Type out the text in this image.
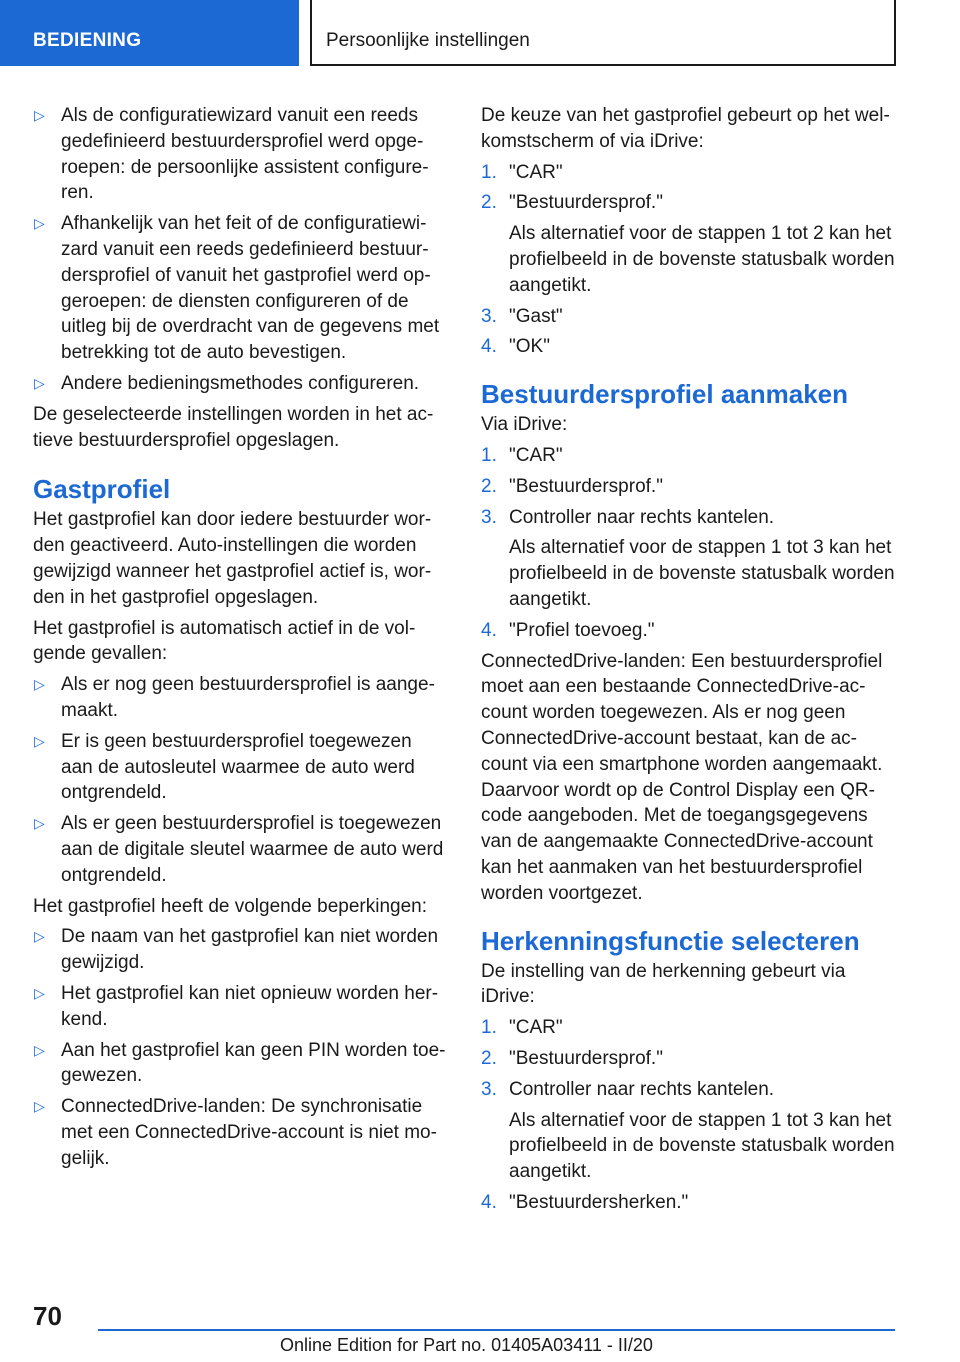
BEDIENING	Persoonlijke instellingen
▷ Als de configuratiewizard vanuit een reeds gedefinieerd bestuurdersprofiel werd opgeroepen: de persoonlijke assistent configureren.
▷ Afhankelijk van het feit of de configuratiewizard vanuit een reeds gedefinieerd bestuurdersprofiel of vanuit het gastprofiel werd opgeroepen: de diensten configureren of de uitleg bij de overdracht van de gegevens met betrekking tot de auto bevestigen.
▷ Andere bedieningsmethodes configureren.

De geselecteerde instellingen worden in het actieve bestuurdersprofiel opgeslagen.

Gastprofiel

Het gastprofiel kan door iedere bestuurder worden geactiveerd. Auto-instellingen die worden gewijzigd wanneer het gastprofiel actief is, worden in het gastprofiel opgeslagen.

Het gastprofiel is automatisch actief in de volgende gevallen:

▷ Als er nog geen bestuurdersprofiel is aangemaakt.
▷ Er is geen bestuurdersprofiel toegewezen aan de autosleutel waarmee de auto werd ontgrendeld.
▷ Als er geen bestuurdersprofiel is toegewezen aan de digitale sleutel waarmee de auto werd ontgrendeld.

Het gastprofiel heeft de volgende beperkingen:

▷ De naam van het gastprofiel kan niet worden gewijzigd.
▷ Het gastprofiel kan niet opnieuw worden herkend.
▷ Aan het gastprofiel kan geen PIN worden toegewezen.
▷ ConnectedDrive-landen: De synchronisatie met een ConnectedDrive-account is niet mogelijk.

De keuze van het gastprofiel gebeurt op het welkomstscherm of via iDrive:

1. "CAR"
2. "Bestuurdersprof."
Als alternatief voor de stappen 1 tot 2 kan het profielbeeld in de bovenste statusbalk worden aangetikt.
3. "Gast"
4. "OK"
Bestuurdersprofiel aanmaken

Via iDrive:

1. "CAR"
2. "Bestuurdersprof."
3. Controller naar rechts kantelen.
Als alternatief voor de stappen 1 tot 3 kan het profielbeeld in de bovenste statusbalk worden aangetikt.
4. "Profiel toevoeg."

ConnectedDrive-landen: Een bestuurdersprofiel moet aan een bestaande ConnectedDrive-account worden toegewezen. Als er nog geen ConnectedDrive-account bestaat, kan de account via een smartphone worden aangemaakt. Daarvoor wordt op de Control Display een QR-code aangeboden. Met de toegangsgegevens van de aangemaakte ConnectedDrive-account kan het aanmaken van het bestuurdersprofiel worden voortgezet.

Herkenningsfunctie selecteren

De instelling van de herkenning gebeurt via iDrive:

1. "CAR"
2. "Bestuurdersprof."
3. Controller naar rechts kantelen.
Als alternatief voor de stappen 1 tot 3 kan het profielbeeld in de bovenste statusbalk worden aangetikt.
4. "Bestuurdersherken."
70
Online Edition for Part no. 01405A03411 - II/20
